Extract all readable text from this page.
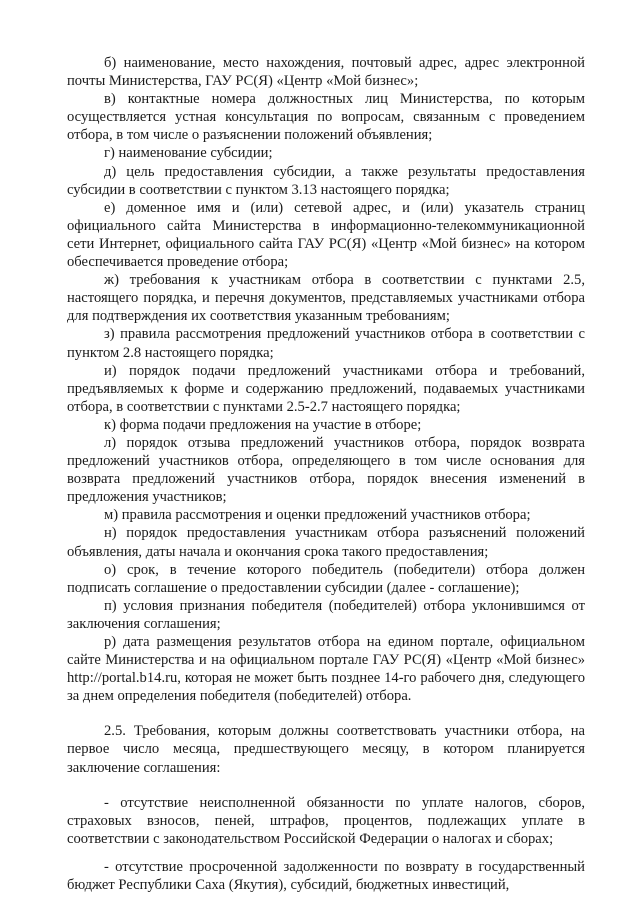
б) наименование, место нахождения, почтовый адрес, адрес электронной почты Министерства, ГАУ РС(Я) «Центр «Мой бизнес»;

в) контактные номера должностных лиц Министерства, по которым осуществляется устная консультация по вопросам, связанным с проведением отбора, в том числе о разъяснении положений объявления;

г) наименование субсидии;

д) цель предоставления субсидии, а также результаты предоставления субсидии в соответствии с пунктом 3.13 настоящего порядка;

е) доменное имя и (или) сетевой адрес, и (или) указатель страниц официального сайта Министерства в информационно-телекоммуникационной сети Интернет, официального сайта ГАУ РС(Я) «Центр «Мой бизнес» на котором обеспечивается проведение отбора;

ж) требования к участникам отбора в соответствии с пунктами 2.5, настоящего порядка, и перечня документов, представляемых участниками отбора для подтверждения их соответствия указанным требованиям;

з) правила рассмотрения предложений участников отбора в соответствии с пунктом 2.8 настоящего порядка;

и) порядок подачи предложений участниками отбора и требований, предъявляемых к форме и содержанию предложений, подаваемых участниками отбора, в соответствии с пунктами 2.5-2.7 настоящего порядка;

к) форма подачи предложения на участие в отборе;

л) порядок отзыва предложений участников отбора, порядок возврата предложений участников отбора, определяющего в том числе основания для возврата предложений участников отбора, порядок внесения изменений в предложения участников;

м) правила рассмотрения и оценки предложений участников отбора;

н) порядок предоставления участникам отбора разъяснений положений объявления, даты начала и окончания срока такого предоставления;

о) срок, в течение которого победитель (победители) отбора должен подписать соглашение о предоставлении субсидии (далее - соглашение);

п) условия признания победителя (победителей) отбора уклонившимся от заключения соглашения;

р) дата размещения результатов отбора на едином портале, официальном сайте Министерства и на официальном портале ГАУ РС(Я) «Центр «Мой бизнес» http://portal.b14.ru, которая не может быть позднее 14-го рабочего дня, следующего за днем определения победителя (победителей) отбора.

2.5. Требования, которым должны соответствовать участники отбора, на первое число месяца, предшествующего месяцу, в котором планируется заключение соглашения:

- отсутствие неисполненной обязанности по уплате налогов, сборов, страховых взносов, пеней, штрафов, процентов, подлежащих уплате в соответствии с законодательством Российской Федерации о налогах и сборах;

- отсутствие просроченной задолженности по возврату в государственный бюджет Республики Саха (Якутия), субсидий, бюджетных инвестиций,
